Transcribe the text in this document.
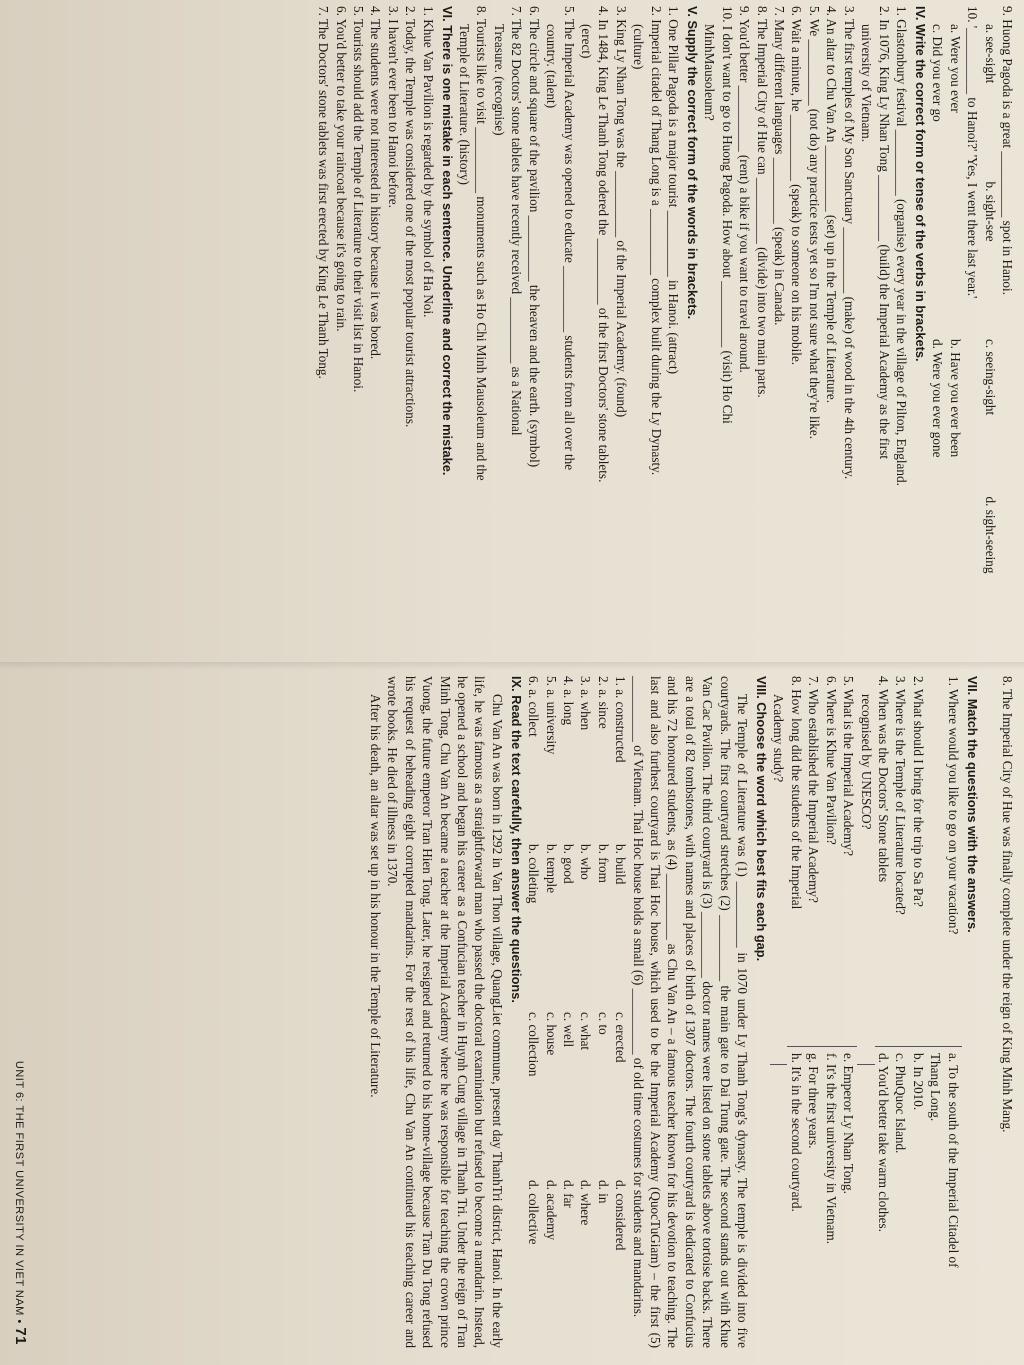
9. Huong Pagoda is a great __________ spot in Hanoi.

a. see-sight
b. sight-see
c. seeing-sight
d. sight-seeing

10. '__________ to Hanoi?' 'Yes, I went there last year.'

a. Were you ever
b. Have you ever been
c. Did you ever go
d. Were you ever gone

IV. Write the correct form or tense of the verbs in brackets.

1. Glastonbury festival __________ (organise) every year in the village of Pilton, England.

2. In 1076, King Ly Nhan Tong __________ (build) the Imperial Academy as the first

university of Vietnam.

3. The first temples of My Son Sanctuary __________ (make) of wood in the 4th century.

4. An altar to Chu Van An __________ (set) up in the Temple of Literature.

5. We __________ (not do) any practice tests yet so I'm not sure what they're like.

6. Wait a minute, he __________ (speak) to someone on his mobile.

7. Many different languages __________ (speak) in Canada.

8. The Imperial City of Hue can __________ (divide) into two main parts.

9. You'd better __________ (rent) a bike if you want to travel around.

10. I don't want to go to Huong Pagoda. How about __________ (visit) Ho Chi

MinhMausoleum?

V. Supply the correct form of the words in brackets.

1. One Pillar Pagoda is a major tourist __________ in Hanoi. (attract)

2. Imperial citadel of Thang Long is a __________ complex built during the Ly Dynasty.

(culture)

3. King Ly Nhan Tong was the __________ of the Imperial Academy. (found)

4. In 1484, King Le Thanh Tong odered the __________ of the first Doctors' stone tablets.

(erect)

5. The Imperial Academy was opened to educate __________ students from all over the

country. (talent)

6. The circle and square of the pavilion __________ the heaven and the earth. (symbol)

7. The 82 Doctors' stone tablets have recently received __________ as a National

Treasure. (recognise)

8. Tourists like to visit __________ monuments such as Ho Chi Minh Mausoleum and the

Temple of Literature. (history)

VI. There is one mistake in each sentence. Underline and correct the mistake.

1. Khue Van Pavilion is regarded by the symbol of Ha Noi.

2. Today, the Temple was considered one of the most popular tourist attractions.

3. I haven't ever been to Hanoi before.

4. The students were not interested in history because it was bored.

5. Tourists should add the Temple of Literature to their visit list in Hanoi.

6. You'd better to take your raincoat because it's going to rain.

7. The Doctors' stone tablets was first erected by King Le Thanh Tong.

8. The Imperial City of Hue was finally complete under the reign of King Minh Mang.

VII. Match the questions with the answers.

1. Where would you like to go on your vacation?
a. To the south of the Imperial Citadel of
Thang Long.
2. What should I bring for the trip to Sa Pa?
b. In 2010.
3. Where is the Temple of Literature located?
c. PhuQuoc Island.
4. When was the Doctors' Stone tablets
d. You'd better take warm clothes.
recognised by UNESCO?
5. What is the Imperial Academy?
e. Emperor Ly Nhan Tong.
6. Where is Khue Van Pavilion?
f. It's the first university in Vietnam.
7. Who established the Imperial Academy?
g. For three years.
8. How long did the students of the Imperial
h. It's in the second courtyard.
Academy study?

VIII. Choose the word which best fits each gap.

The Temple of Literature was (1) __________ in 1070 under Ly Thanh Tong's dynasty. The temple is divided into five courtyards. The first courtyard stretches (2) __________ the main gate to Dai Trung gate. The second stands out with Khue Van Cac Pavilion. The third courtyard is (3) __________ doctor names were listed on stone tablets above tortoise backs. There are a total of 82 tombstones, with names and places of birth of 1307 doctors. The fourth courtyard is dedicated to Confucius and his 72 honoured students, as (4) __________ as Chu Van An – a famous teacher known for his devotion to teaching. The last and also furthest courtyard is Thai Hoc house, which used to be the Imperial Academy (QuocTuGiam) – the first (5) __________ of Vietnam. Thai Hoc house holds a small (6) __________ of old time costumes for students and mandarins.

1. a. constructed
b. build
c. erected
d. considered
2. a. since
b. from
c. to
d. in
3. a. when
b. who
c. what
d. where
4. a. long
b. good
c. well
d. far
5. a. university
b. temple
c. house
d. academy
6. a. collect
b. colleting
c. collection
d. collective

IX. Read the text carefully, then answer the questions.

Chu Van An was born in 1292 in Van Thon village, QuangLiet commune, present day ThanhTri district, Hanoi. In the early life, he was famous as a straightforward man who passed the doctoral examination but refused to become a mandarin. Instead, he opened a school and began his career as a Confucian teacher in Huynh Cung village in Thanh Tri. Under the reign of Tran Minh Tong, Chu Van An became a teacher at the Imperial Academy where he was responsible for teaching the crown prince Vuong, the future emperor Tran Hien Tong. Later, he resigned and returned to his home-village because Tran Du Tong refused his request of beheading eight corrupted mandarins. For the rest of his life, Chu Van An continued his teaching career and wrote books. He died of illness in 1370.

After his death, an altar was set up in his honour in the Temple of Literature.

UNIT 6: THE FIRST UNIVERSITY IN VIET NAM • 71
